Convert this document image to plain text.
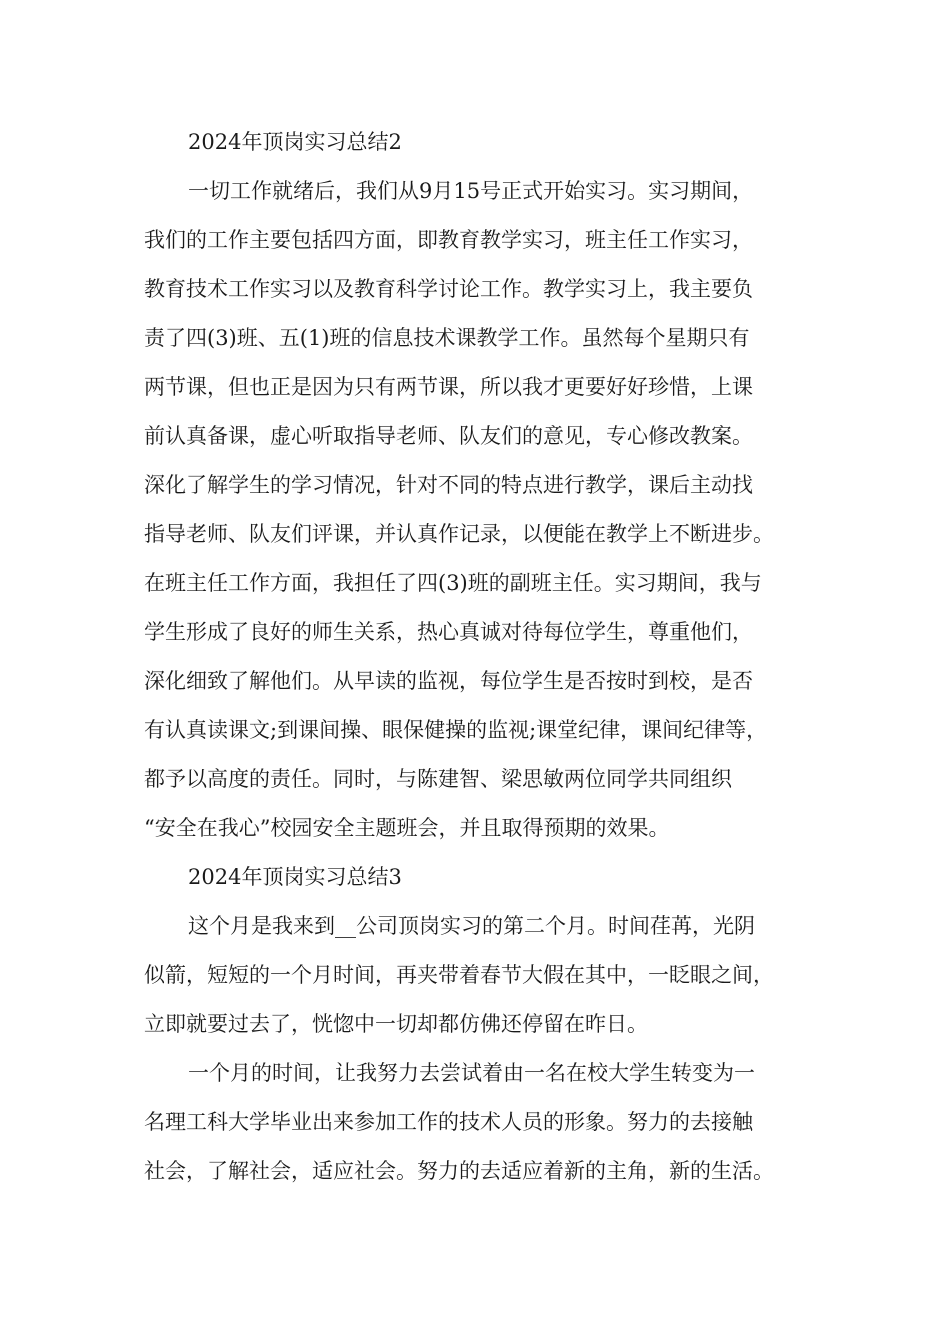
2024年顶岗实习总结2
一切工作就绪后，我们从9月15号正式开始实习。实习期间，
我们的工作主要包括四方面，即教育教学实习，班主任工作实习，
教育技术工作实习以及教育科学讨论工作。教学实习上，我主要负
责了四(3)班、五(1)班的信息技术课教学工作。虽然每个星期只有
两节课，但也正是因为只有两节课，所以我才更要好好珍惜，上课
前认真备课，虚心听取指导老师、队友们的意见，专心修改教案。
深化了解学生的学习情况，针对不同的特点进行教学，课后主动找
指导老师、队友们评课，并认真作记录，以便能在教学上不断进步。
在班主任工作方面，我担任了四(3)班的副班主任。实习期间，我与
学生形成了良好的师生关系，热心真诚对待每位学生，尊重他们，
深化细致了解他们。从早读的监视，每位学生是否按时到校，是否
有认真读课文;到课间操、眼保健操的监视;课堂纪律，课间纪律等，
都予以高度的责任。同时，与陈建智、梁思敏两位同学共同组织
“安全在我心”校园安全主题班会，并且取得预期的效果。
2024年顶岗实习总结3
这个月是我来到__公司顶岗实习的第二个月。时间荏苒，光阴
似箭，短短的一个月时间，再夹带着春节大假在其中，一眨眼之间，
立即就要过去了，恍惚中一切却都仿佛还停留在昨日。
一个月的时间，让我努力去尝试着由一名在校大学生转变为一
名理工科大学毕业出来参加工作的技术人员的形象。努力的去接触
社会，了解社会，适应社会。努力的去适应着新的主角，新的生活。
